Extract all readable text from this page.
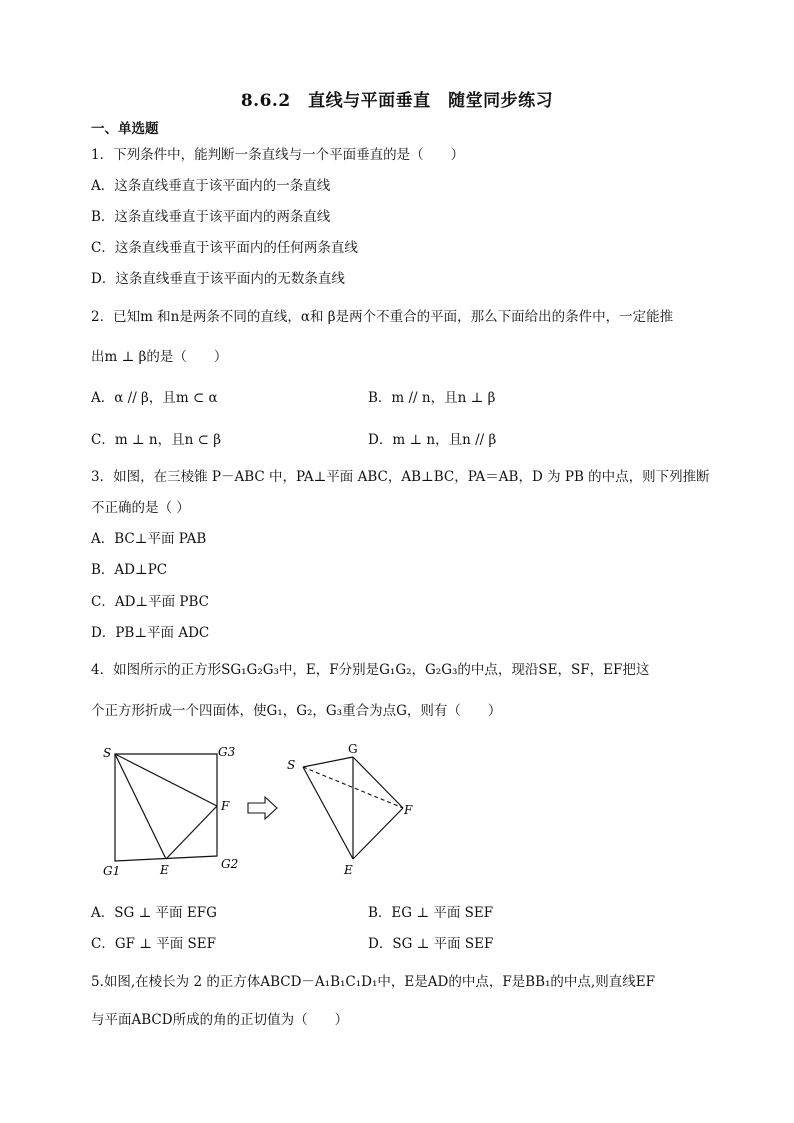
8.6.2　直线与平面垂直　随堂同步练习
一、单选题
1．下列条件中，能判断一条直线与一个平面垂直的是（　　）
A．这条直线垂直于该平面内的一条直线
B．这条直线垂直于该平面内的两条直线
C．这条直线垂直于该平面内的任何两条直线
D．这条直线垂直于该平面内的无数条直线
2．已知m 和n是两条不同的直线，α和 β是两个不重合的平面，那么下面给出的条件中，一定能推
出m ⊥ β的是（　　）
A．α // β，且m ⊂ α	B．m // n，且n ⊥ β
C．m ⊥ n，且n ⊂ β	D．m ⊥ n，且n // β
3．如图，在三棱锥 P－ABC 中，PA⊥平面 ABC，AB⊥BC，PA＝AB，D 为 PB 的中点，则下列推断
不正确的是（ ）
A．BC⊥平面 PAB
B．AD⊥PC
C．AD⊥平面 PBC
D．PB⊥平面 ADC
4．如图所示的正方形SG₁G₂G₃中，E，F分别是G₁G₂，G₂G₃的中点，现沿SE，SF，EF把这
个正方形折成一个四面体，使G₁，G₂，G₃重合为点G，则有（　　）
S	G3
F
G1	E	G2
S
G
F
E
A．SG ⊥ 平面 EFG	B．EG ⊥ 平面 SEF
C．GF ⊥ 平面 SEF	D．SG ⊥ 平面 SEF
5.如图,在棱长为 2 的正方体ABCD－A₁B₁C₁D₁中，E是AD的中点，F是BB₁的中点,则直线EF
与平面ABCD所成的角的正切值为（　　）
